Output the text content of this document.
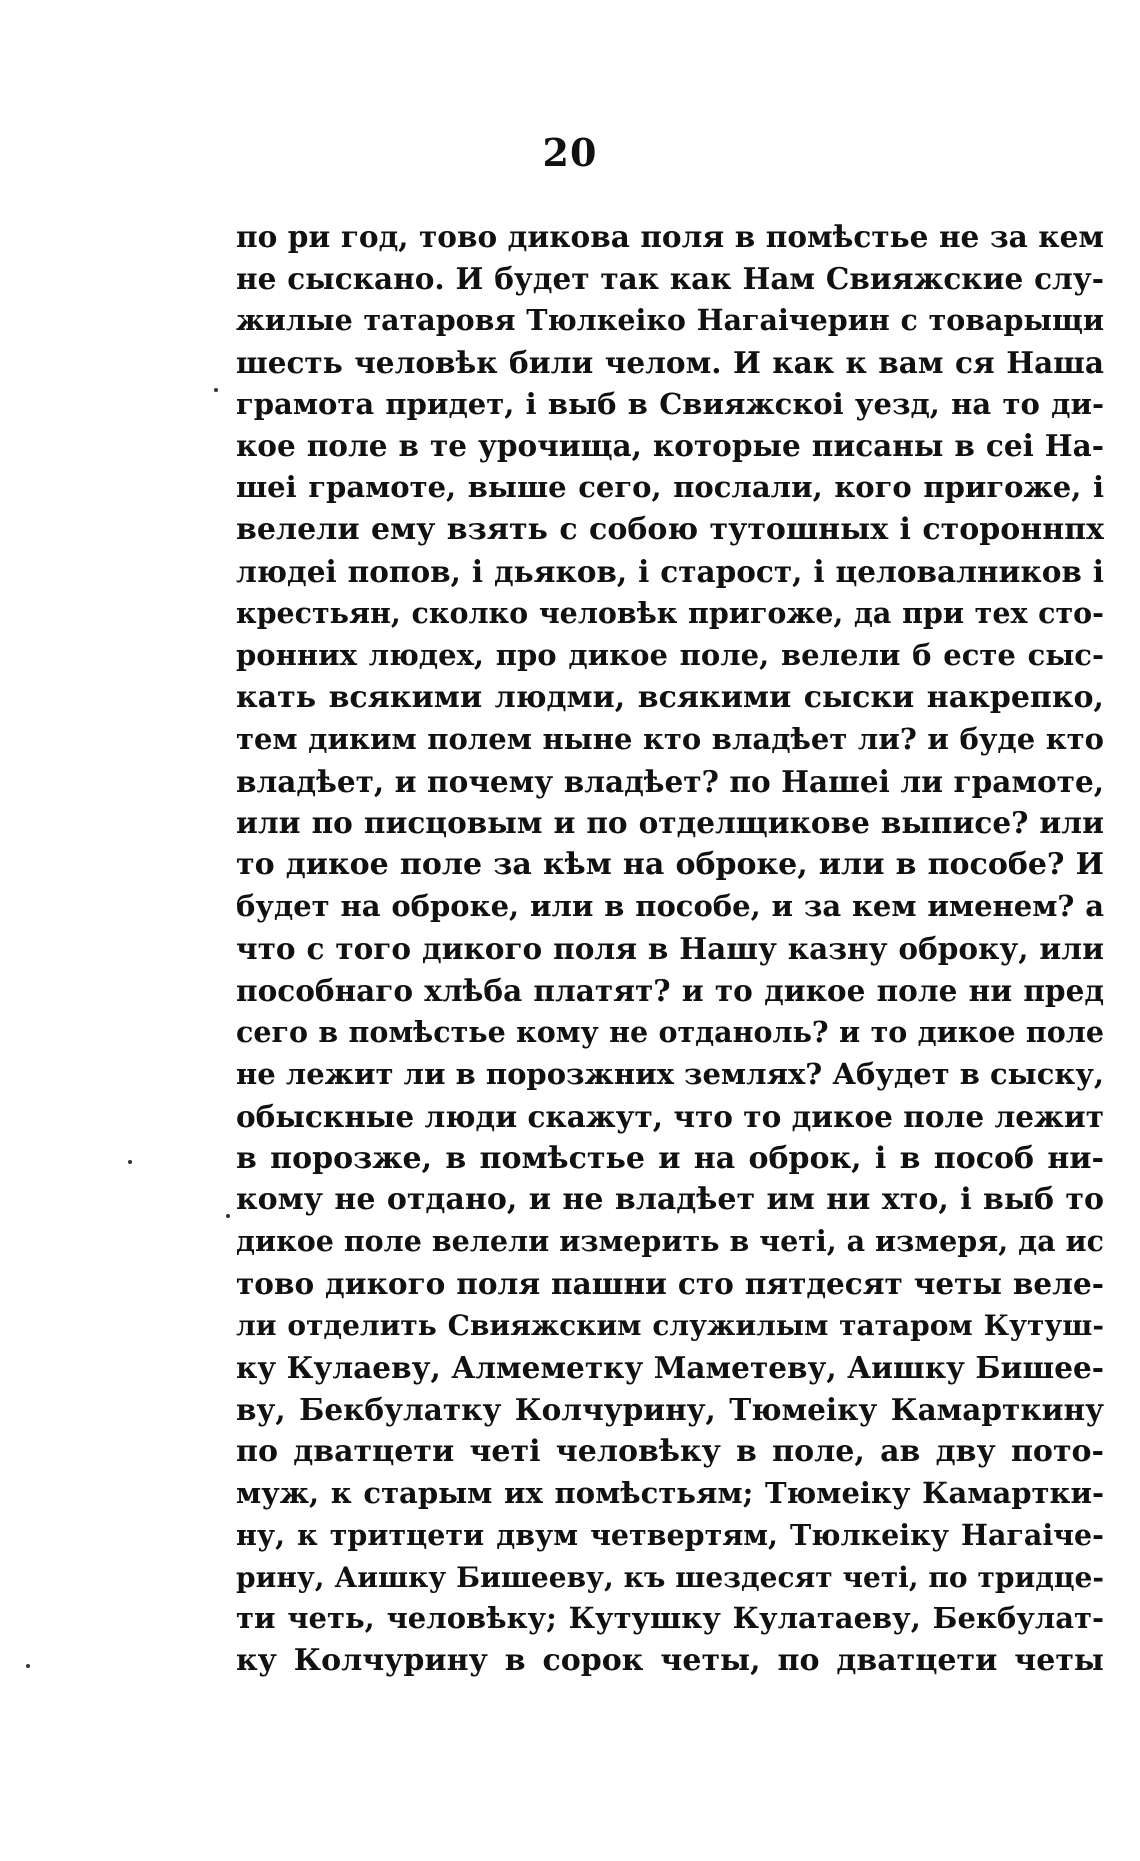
20
по ри год, тово дикова поля в помѣстье не за кем
не сыскано. И будет так как Нам Свияжские слу-
жилые татаровя Тюлкеіко Нагаічерин с товарыщи
шесть человѣк били челом. И как к вам ся Наша
грамота придет, і выб в Свияжскоі уезд, на то ди-
кое поле в те урочища, которые писаны в сеі На-
шеі грамоте, выше сего, послали, кого пригоже, і
велели ему взять с собою тутошных і стороннпх
людеі попов, і дьяков, і старост, і целовалников і
крестьян, сколко человѣк пригоже, да при тех сто-
ронних людех, про дикое поле, велели б есте сыс-
кать всякими людми, всякими сыски накрепко,
тем диким полем ныне кто владѣет ли? и буде кто
владѣет, и почему владѣет? по Нашеі ли грамоте,
или по писцовым и по отделщикове выписе? или
то дикое поле за кѣм на оброке, или в пособе? И
будет на оброке, или в пособе, и за кем именем? а
что с того дикого поля в Нашу казну оброку, или
пособнаго хлѣба платят? и то дикое поле ни пред
сего в помѣстье кому не отданоль? и то дикое поле
не лежит ли в порозжних землях? Абудет в сыску,
обыскные люди скажут, что то дикое поле лежит
в порозже, в помѣстье и на оброк, і в пособ ни-
кому не отдано, и не владѣет им ни хто, і выб то
дикое поле велели измерить в четі, а измеря, да ис
тово дикого поля пашни сто пятдесят четы веле-
ли отделить Свияжским служилым татаром Кутуш-
ку Кулаеву, Алмеметку Маметеву, Аишку Бишее-
ву, Бекбулатку Колчурину, Тюмеіку Камарткину
по дватцети четі человѣку в поле, ав дву пото-
муж, к старым их помѣстьям; Тюмеіку Камартки-
ну, к тритцети двум четвертям, Тюлкеіку Нагаіче-
рину, Аишку Бишееву, къ шездесят четі, по тридце-
ти четь, человѣку; Кутушку Кулатаеву, Бекбулат-
ку Колчурину в сорок четы, по дватцети четы
